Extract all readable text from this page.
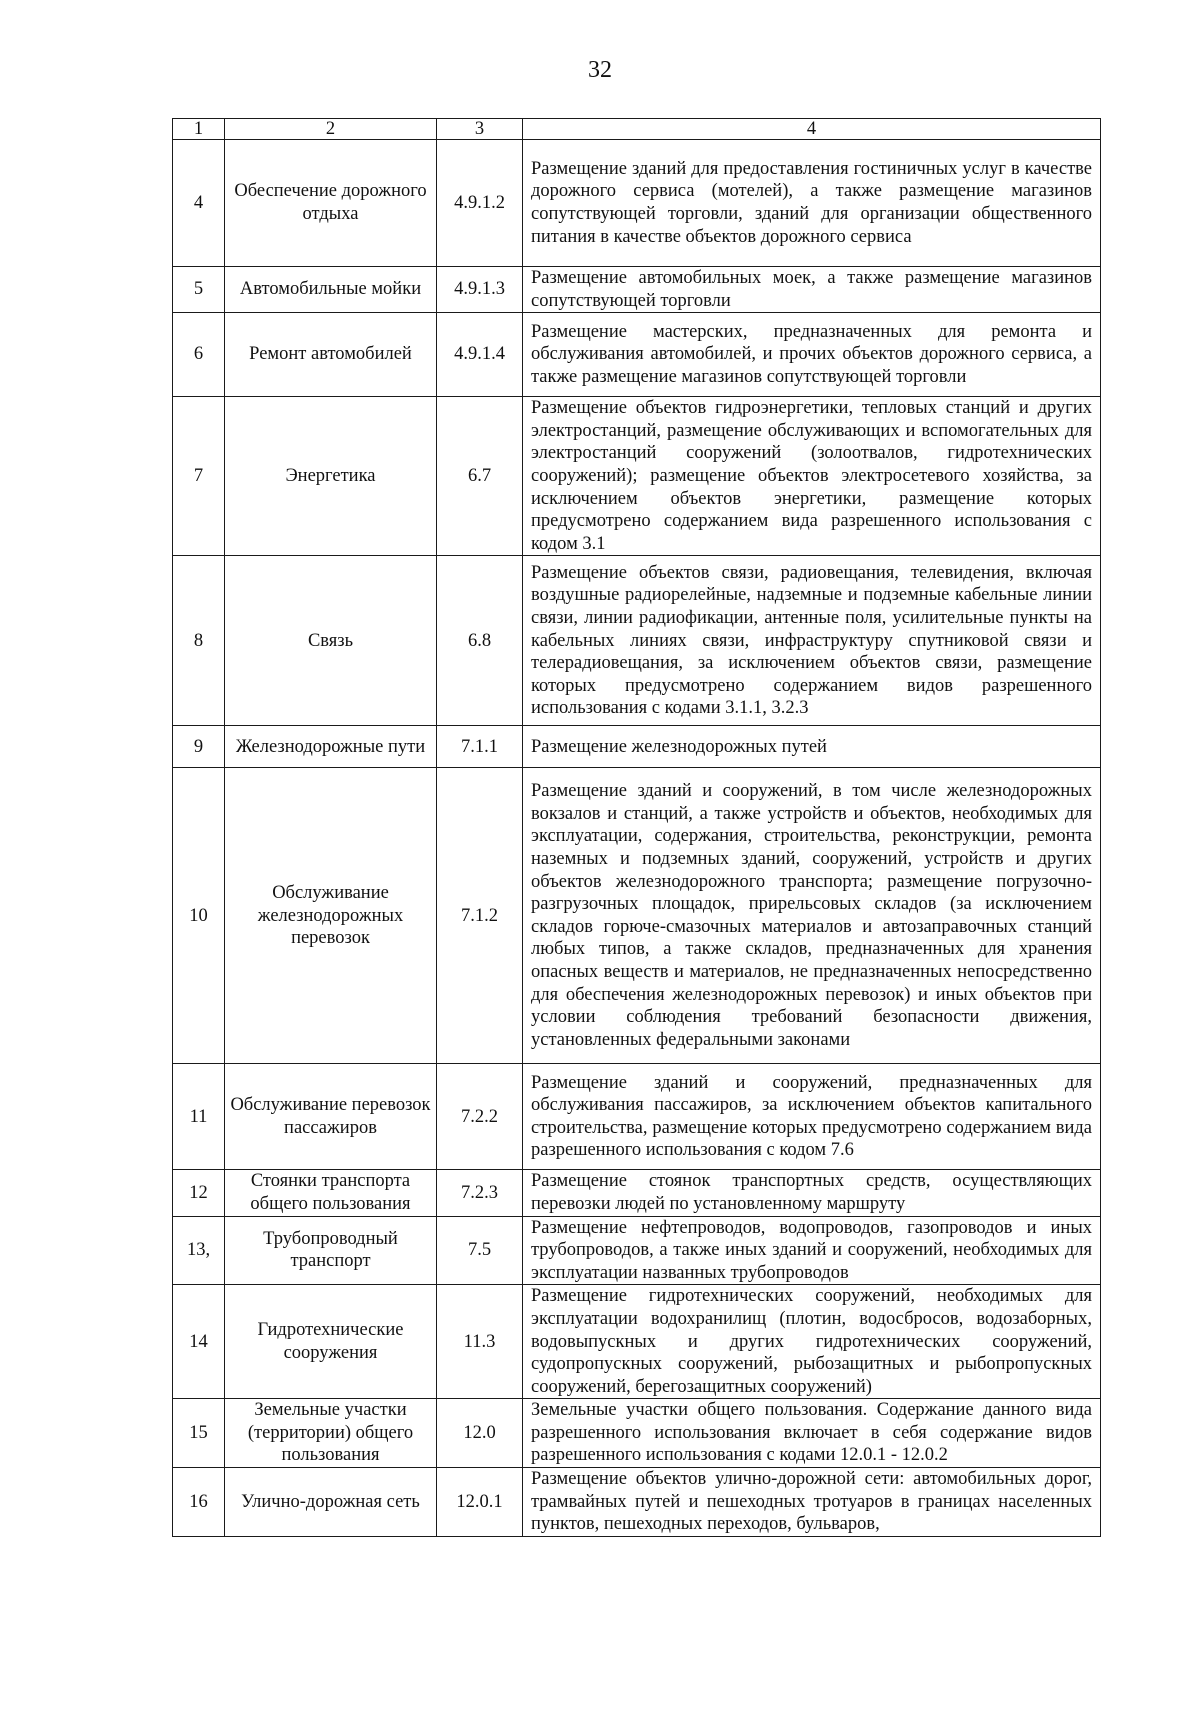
32
1	2	3	4
4	Обеспечение дорожного отдыха	4.9.1.2	Размещение зданий для предоставления гостиничных услуг в качестве дорожного сервиса (мотелей), а также размещение магазинов сопутствующей торговли, зданий для организации общественного питания в качестве объектов дорожного сервиса
5	Автомобильные мойки	4.9.1.3	Размещение автомобильных моек, а также размещение магазинов сопутствующей торговли
6	Ремонт автомобилей	4.9.1.4	Размещение мастерских, предназначенных для ремонта и обслуживания автомобилей, и прочих объектов дорожного сервиса, а также размещение магазинов сопутствующей торговли
7	Энергетика	6.7	Размещение объектов гидроэнергетики, тепловых станций и других электростанций, размещение обслуживающих и вспомогательных для электростанций сооружений (золоотвалов, гидротехнических сооружений); размещение объектов электросетевого хозяйства, за исключением объектов энергетики, размещение которых предусмотрено содержанием вида разрешенного использования с кодом 3.1
8	Связь	6.8	Размещение объектов связи, радиовещания, телевидения, включая воздушные радиорелейные, надземные и подземные кабельные линии связи, линии радиофикации, антенные поля, усилительные пункты на кабельных линиях связи, инфраструктуру спутниковой связи и телерадиовещания, за исключением объектов связи, размещение которых предусмотрено содержанием видов разрешенного использования с кодами 3.1.1, 3.2.3
9	Железнодорожные пути	7.1.1	Размещение железнодорожных путей
10	Обслуживание железнодорожных перевозок	7.1.2	Размещение зданий и сооружений, в том числе железнодорожных вокзалов и станций, а также устройств и объектов, необходимых для эксплуатации, содержания, строительства, реконструкции, ремонта наземных и подземных зданий, сооружений, устройств и других объектов железнодорожного транспорта; размещение погрузочно-разгрузочных площадок, прирельсовых складов (за исключением складов горюче-смазочных материалов и автозаправочных станций любых типов, а также складов, предназначенных для хранения опасных веществ и материалов, не предназначенных непосредственно для обеспечения железнодорожных перевозок) и иных объектов при условии соблюдения требований безопасности движения, установленных федеральными законами
11	Обслуживание перевозок пассажиров	7.2.2	Размещение зданий и сооружений, предназначенных для обслуживания пассажиров, за исключением объектов капитального строительства, размещение которых предусмотрено содержанием вида разрешенного использования с кодом 7.6
12	Стоянки транспорта общего пользования	7.2.3	Размещение стоянок транспортных средств, осуществляющих перевозки людей по установленному маршруту
13,	Трубопроводный транспорт	7.5	Размещение нефтепроводов, водопроводов, газопроводов и иных трубопроводов, а также иных зданий и сооружений, необходимых для эксплуатации названных трубопроводов
14	Гидротехнические сооружения	11.3	Размещение гидротехнических сооружений, необходимых для эксплуатации водохранилищ (плотин, водосбросов, водозаборных, водовыпускных и других гидротехнических сооружений, судопропускных сооружений, рыбозащитных и рыбопропускных сооружений, берегозащитных сооружений)
15	Земельные участки (территории) общего пользования	12.0	Земельные участки общего пользования. Содержание данного вида разрешенного использования включает в себя содержание видов разрешенного использования с кодами 12.0.1 - 12.0.2
16	Улично-дорожная сеть	12.0.1	Размещение объектов улично-дорожной сети: автомобильных дорог, трамвайных путей и пешеходных тротуаров в границах населенных пунктов, пешеходных переходов, бульваров,
